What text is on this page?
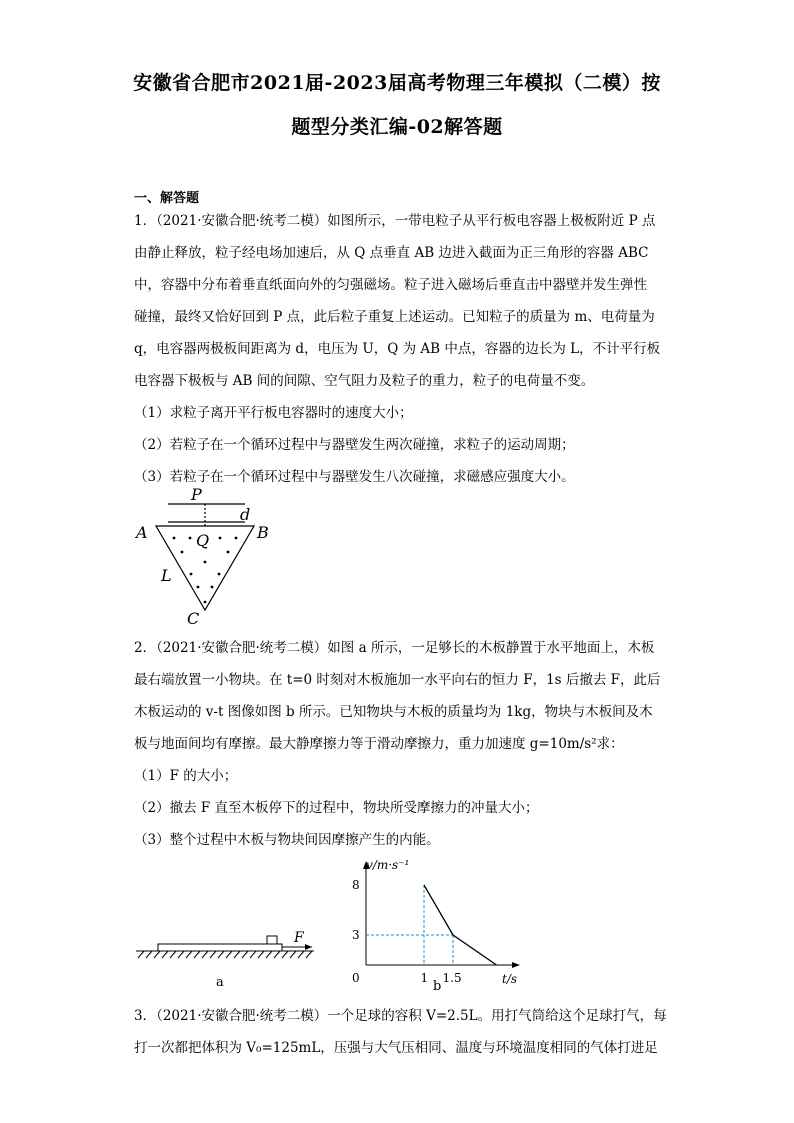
安徽省合肥市2021届-2023届高考物理三年模拟（二模）按
题型分类汇编-02解答题
一、解答题
1．（2021·安徽合肥·统考二模）如图所示，一带电粒子从平行板电容器上极板附近 P 点
由静止释放，粒子经电场加速后，从 Q 点垂直 AB 边进入截面为正三角形的容器 ABC
中，容器中分布着垂直纸面向外的匀强磁场。粒子进入磁场后垂直击中器壁并发生弹性
碰撞，最终又恰好回到 P 点，此后粒子重复上述运动。已知粒子的质量为 m、电荷量为
q，电容器两极板间距离为 d，电压为 U，Q 为 AB 中点，容器的边长为 L，不计平行板
电容器下极板与 AB 间的间隙、空气阻力及粒子的重力，粒子的电荷量不变。
（1）求粒子离开平行板电容器时的速度大小；
（2）若粒子在一个循环过程中与器壁发生两次碰撞，求粒子的运动周期；
（3）若粒子在一个循环过程中与器壁发生八次碰撞，求磁感应强度大小。
P
d
A	B
Q
L
C
2．（2021·安徽合肥·统考二模）如图 a 所示，一足够长的木板静置于水平地面上，木板
最右端放置一小物块。在 t=0 时刻对木板施加一水平向右的恒力 F，1s 后撤去 F，此后
木板运动的 v-t 图像如图 b 所示。已知物块与木板的质量均为 1kg，物块与木板间及木
板与地面间均有摩擦。最大静摩擦力等于滑动摩擦力，重力加速度 g=10m/s²求：
（1）F 的大小；
（2）撤去 F 直至木板停下的过程中，物块所受摩擦力的冲量大小；
（3）整个过程中木板与物块间因摩擦产生的内能。
F
a
v/m·s⁻¹
t/s
b
0	1 1.5
8
3
3．（2021·安徽合肥·统考二模）一个足球的容积 V=2.5L。用打气筒给这个足球打气，每
打一次都把体积为 V₀=125mL，压强与大气压相同、温度与环境温度相同的气体打进足
